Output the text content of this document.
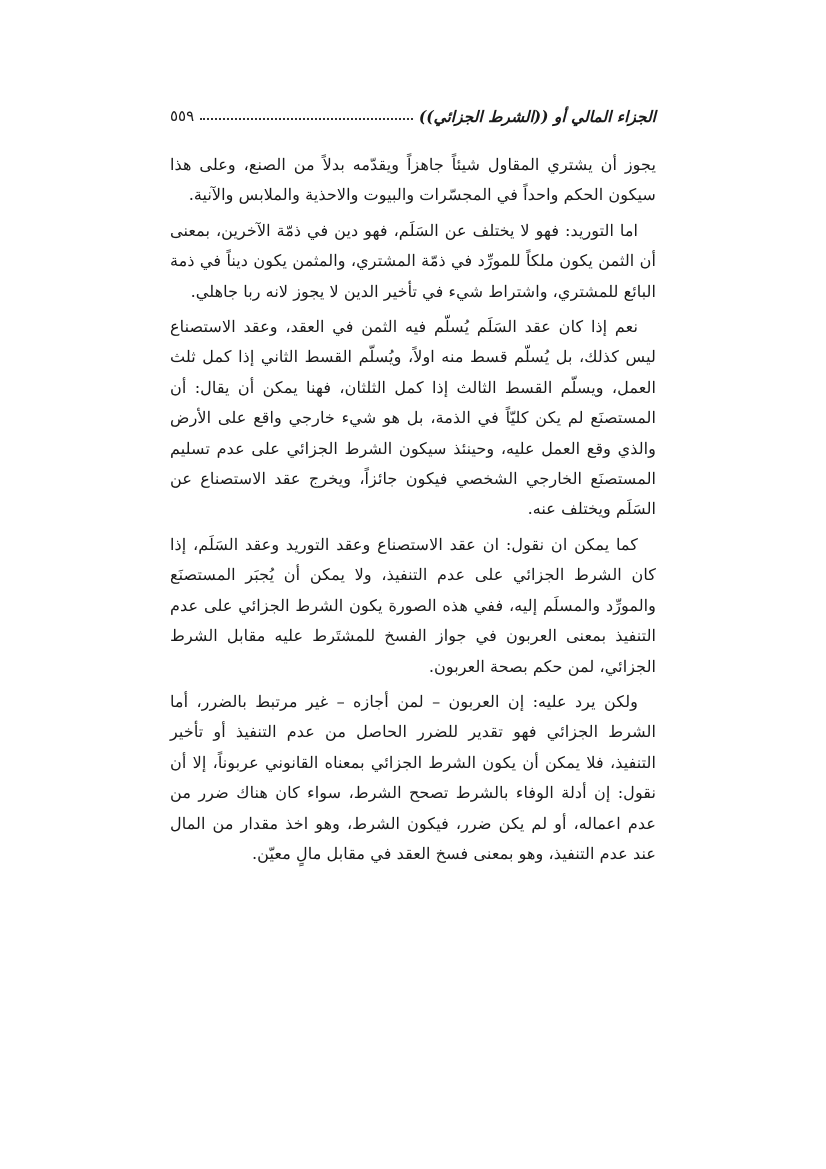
الجزاء المالي أو ((الشرط الجزائي))
٥٥٩

يجوز أن يشتري المقاول شيئاً جاهزاً ويقدّمه بدلاً من الصنع، وعلى هذا سيكون الحكم واحداً في المجسّرات والبيوت والاحذية والملابس والآنية.

اما التوريد: فهو لا يختلف عن السَلَم، فهو دين في ذمّة الآخرين، بمعنى أن الثمن يكون ملكاً للمورِّد في ذمّة المشتري، والمثمن يكون ديناً في ذمة البائع للمشتري، واشتراط شيء في تأخير الدين لا يجوز لانه ربا جاهلي.

نعم إذا كان عقد السَلَم يُسلّم فيه الثمن في العقد، وعقد الاستصناع ليس كذلك، بل يُسلّم قسط منه اولاً، ويُسلّم القسط الثاني إذا كمل ثلث العمل، ويسلّم القسط الثالث إذا كمل الثلثان، فهنا يمكن أن يقال: أن المستصنَع لم يكن كليّاً في الذمة، بل هو شيء خارجي واقع على الأرض والذي وقع العمل عليه، وحينئذ سيكون الشرط الجزائي على عدم تسليم المستصنَع الخارجي الشخصي فيكون جائزاً، ويخرج عقد الاستصناع عن السَلَم ويختلف عنه.

كما يمكن ان نقول: ان عقد الاستصناع وعقد التوريد وعقد السَلَم، إذا كان الشرط الجزائي على عدم التنفيذ، ولا يمكن أن يُجبَر المستصنَع والمورِّد والمسلَم إليه، ففي هذه الصورة يكون الشرط الجزائي على عدم التنفيذ بمعنى العربون في جواز الفسخ للمشتَرط عليه مقابل الشرط الجزائي، لمن حكم بصحة العربون.

ولكن يرد عليه: إن العربون – لمن أجازه – غير مرتبط بالضرر، أما الشرط الجزائي فهو تقدير للضرر الحاصل من عدم التنفيذ أو تأخير التنفيذ، فلا يمكن أن يكون الشرط الجزائي بمعناه القانوني عربوناً، إلا أن نقول: إن أدلة الوفاء بالشرط تصحح الشرط، سواء كان هناك ضرر من عدم اعماله، أو لم يكن ضرر، فيكون الشرط، وهو اخذ مقدار من المال عند عدم التنفيذ، وهو بمعنى فسخ العقد في مقابل مالٍ معيّن.
